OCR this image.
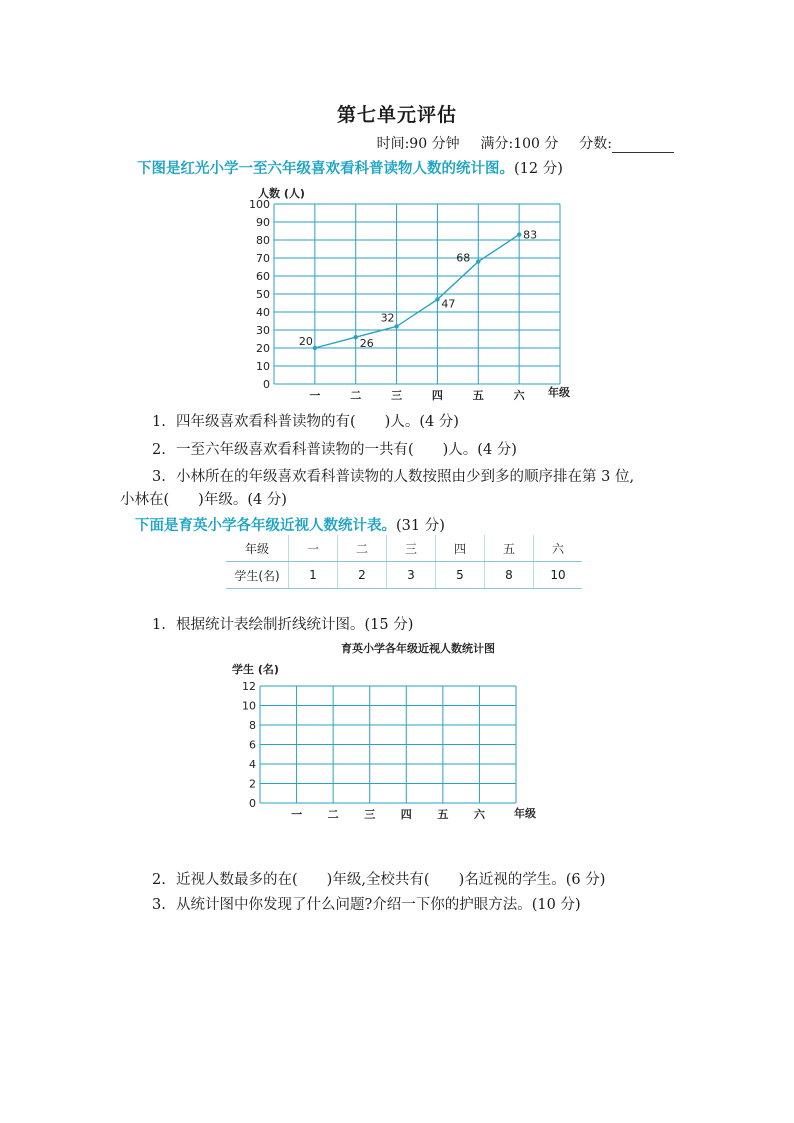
第七单元评估
时间:90 分钟 满分:100 分 分数:
下图是红光小学一至六年级喜欢看科普读物人数的统计图。(12 分)
人数 (人)
0
10
20
30
40
50
60
70
80
90
100
一	二	三	四	五	六 年级
20	26
32
47
68
83
1. 四年级喜欢看科普读物的有(　　)人。(4 分)
2. 一至六年级喜欢看科普读物的一共有(　　)人。(4 分)
3. 小林所在的年级喜欢看科普读物的人数按照由少到多的顺序排在第 3 位,
小林在(　　)年级。(4 分)
下面是育英小学各年级近视人数统计表。(31 分)
年级	一	二	三	四	五	六
学生(名)	1	2	3	5	8	10
1. 根据统计表绘制折线统计图。(15 分)
育英小学各年级近视人数统计图
学生 (名)
0
2
4
6
8
10
12
一 二 三 四 五 六	年级
2. 近视人数最多的在(　　)年级,全校共有(　　)名近视的学生。(6 分)
3. 从统计图中你发现了什么问题?介绍一下你的护眼方法。(10 分)
